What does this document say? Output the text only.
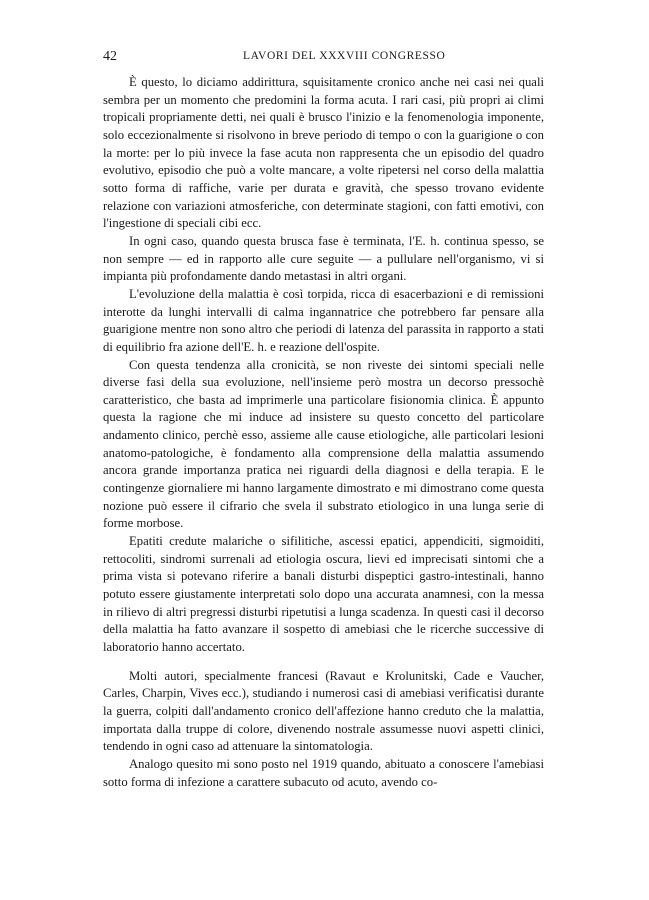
42	LAVORI DEL XXXVIII CONGRESSO

È questo, lo diciamo addirittura, squisitamente cronico anche nei casi nei quali sembra per un momento che predomini la forma acuta. I rari casi, più propri ai climi tropicali propriamente detti, nei quali è brusco l'inizio e la fenomenologia imponente, solo eccezionalmente si risolvono in breve periodo di tempo o con la guarigione o con la morte: per lo più invece la fase acuta non rappresenta che un episodio del quadro evolutivo, episodio che può a volte mancare, a volte ripetersi nel corso della malattia sotto forma di raffiche, varie per durata e gravità, che spesso trovano evidente relazione con variazioni atmosferiche, con determinate stagioni, con fatti emotivi, con l'ingestione di speciali cibi ecc.

In ogni caso, quando questa brusca fase è terminata, l'E. h. continua spesso, se non sempre — ed in rapporto alle cure seguite — a pullulare nell'organismo, vi si impianta più profondamente dando metastasi in altri organi.

L'evoluzione della malattia è così torpida, ricca di esacerbazioni e di remissioni interotte da lunghi intervalli di calma ingannatrice che potrebbero far pensare alla guarigione mentre non sono altro che periodi di latenza del parassita in rapporto a stati di equilibrio fra azione dell'E. h. e reazione dell'ospite.

Con questa tendenza alla cronicità, se non riveste dei sintomi speciali nelle diverse fasi della sua evoluzione, nell'insieme però mostra un decorso pressochè caratteristico, che basta ad imprimerle una particolare fisionomia clinica. È appunto questa la ragione che mi induce ad insistere su questo concetto del particolare andamento clinico, perchè esso, assieme alle cause etiologiche, alle particolari lesioni anatomo-patologiche, è fondamento alla comprensione della malattia assumendo ancora grande importanza pratica nei riguardi della diagnosi e della terapia. E le contingenze giornaliere mi hanno largamente dimostrato e mi dimostrano come questa nozione può essere il cifrario che svela il substrato etiologico in una lunga serie di forme morbose.

Epatiti credute malariche o sifilitiche, ascessi epatici, appendiciti, sigmoiditi, rettocoliti, sindromi surrenali ad etiologia oscura, lievi ed imprecisati sintomi che a prima vista si potevano riferire a banali disturbi dispeptici gastro-intestinali, hanno potuto essere giustamente interpretati solo dopo una accurata anamnesi, con la messa in rilievo di altri pregressi disturbi ripetutisi a lunga scadenza. In questi casi il decorso della malattia ha fatto avanzare il sospetto di amebiasi che le ricerche successive di laboratorio hanno accertato.

Molti autori, specialmente francesi (Ravaut e Krolunitski, Cade e Vaucher, Carles, Charpin, Vives ecc.), studiando i numerosi casi di amebiasi verificatisi durante la guerra, colpiti dall'andamento cronico dell'affezione hanno creduto che la malattia, importata dalla truppe di colore, divenendo nostrale assumesse nuovi aspetti clinici, tendendo in ogni caso ad attenuare la sintomatologia.

Analogo quesito mi sono posto nel 1919 quando, abituato a conoscere l'amebiasi sotto forma di infezione a carattere subacuto od acuto, avendo co-
